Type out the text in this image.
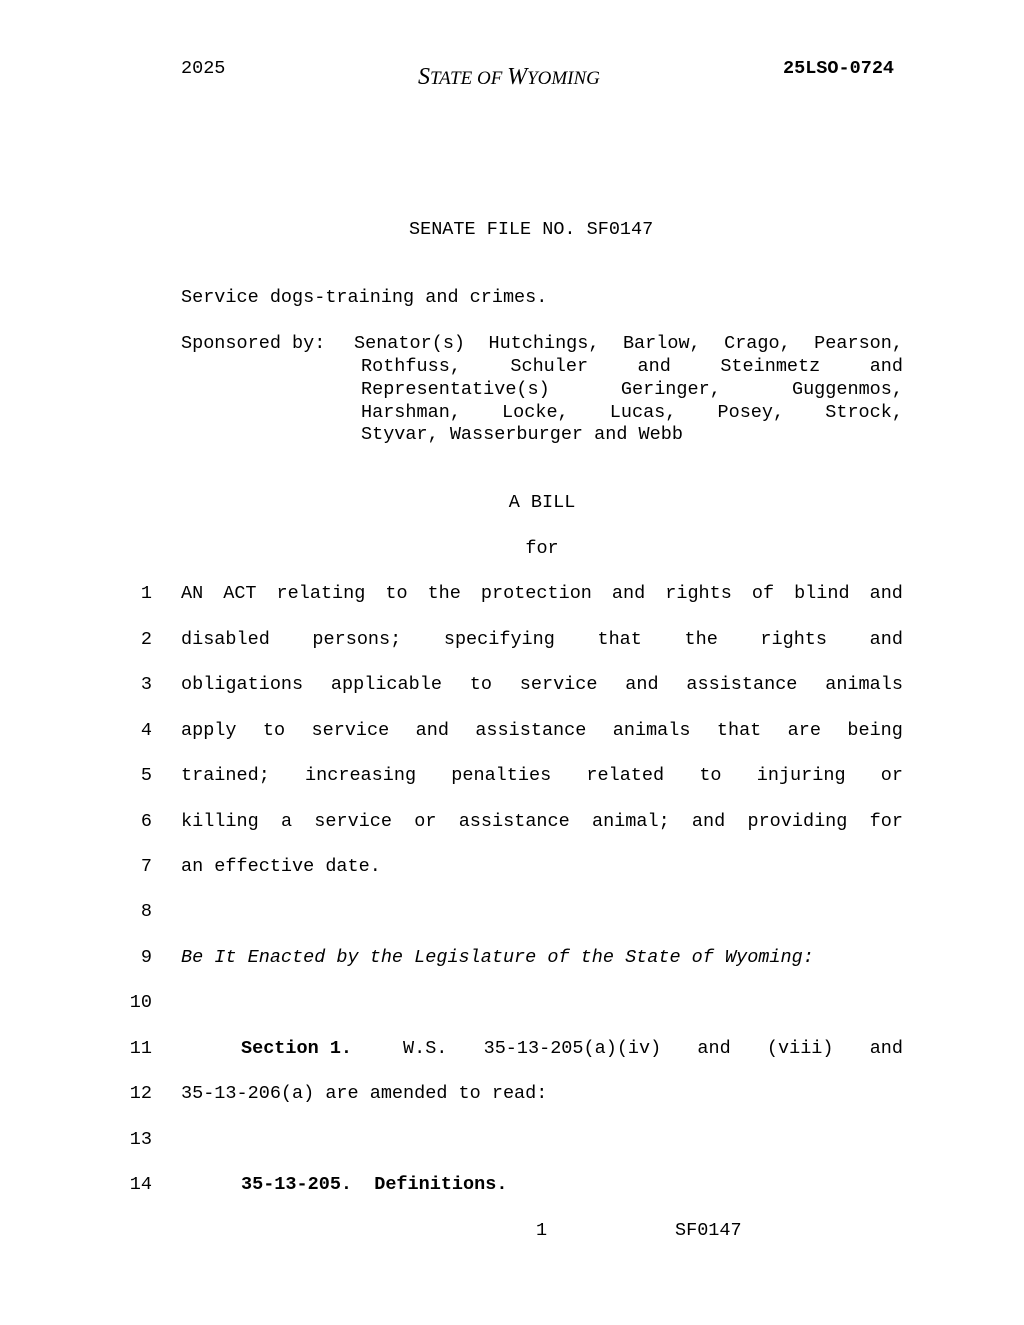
2025	STATE OF WYOMING	25LSO-0724
SENATE FILE NO. SF0147
Service dogs-training and crimes.
Sponsored by: Senator(s) Hutchings, Barlow, Crago, Pearson,
Rothfuss,	Schuler	and	Steinmetz	and
Representative(s)	Geringer,	Guggenmos,
Harshman, Locke, Lucas, Posey, Strock,
Styvar, Wasserburger and Webb
A BILL
for
1 AN ACT relating to the protection and rights of blind and
2 disabled persons; specifying that the rights and
3 obligations applicable to service and assistance animals
4 apply to service and assistance animals that are being
5 trained; increasing penalties related to injuring or
6 killing a service or assistance animal; and providing for
7 an effective date.
8
9 Be It Enacted by the Legislature of the State of Wyoming:
10
11	Section 1.	W.S. 35-13-205(a)(iv) and (viii) and
12 35-13-206(a) are amended to read:
13
14	35-13-205.  Definitions.
1	SF0147
